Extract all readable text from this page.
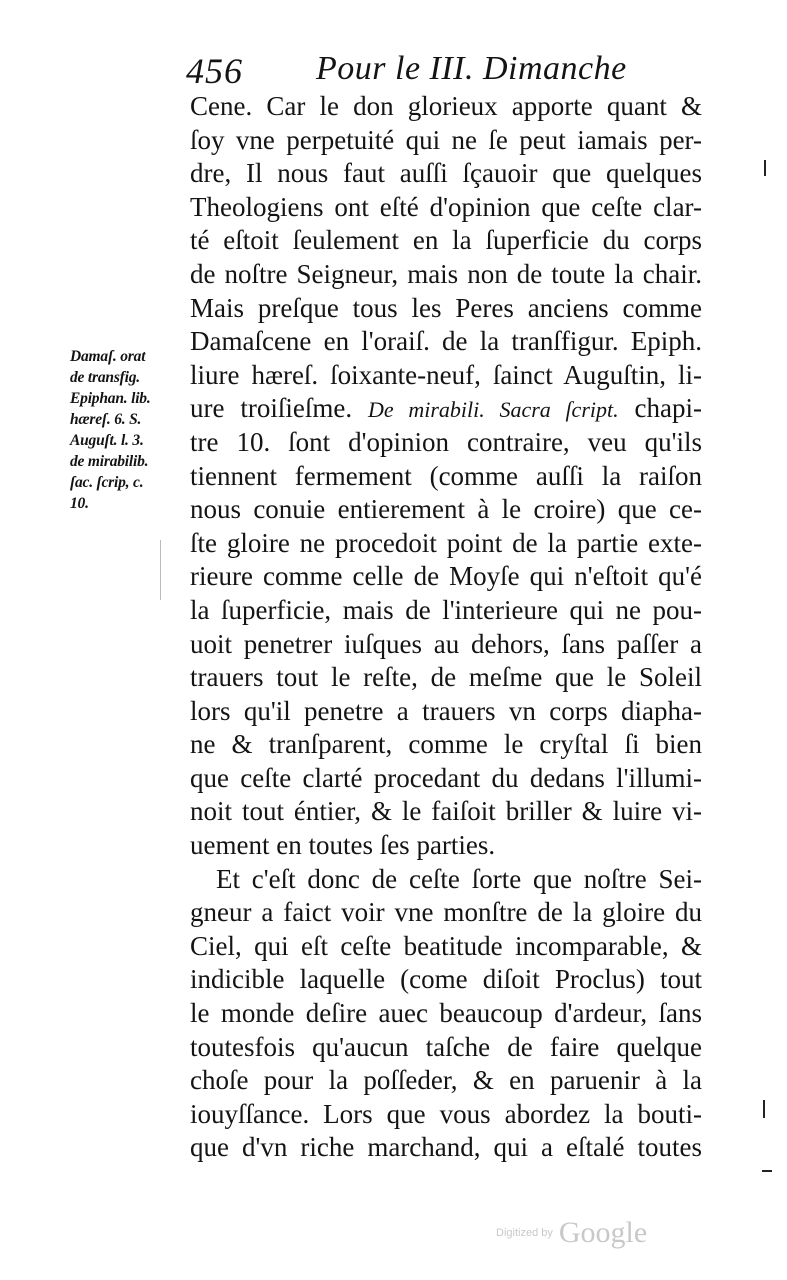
456 Pour le III. Dimanche
Damaſ. orat
de transfig.
Epiphan. lib.
hæreſ. 6. S.
Auguſt. l. 3.
de mirabilib.
ſac. ſcrip, c.
10.
Cene. Car le don glorieux apporte quant &
ſoy vne perpetuité qui ne ſe peut iamais per-
dre, Il nous faut auſſi ſçauoir que quelques
Theologiens ont eſté d'opinion que ceſte clar-
té eſtoit ſeulement en la ſuperficie du corps
de noſtre Seigneur, mais non de toute la chair.
Mais preſque tous les Peres anciens comme
Damaſcene en l'oraiſ. de la tranſfigur. Epiph.
liure hæreſ. ſoixante-neuf, ſainct Auguſtin, li-
ure troiſieſme. De mirabili. Sacra ſcript. chapi-
tre 10. ſont d'opinion contraire, veu qu'ils
tiennent fermement (comme auſſi la raiſon
nous conuie entierement à le croire) que ce-
ſte gloire ne procedoit point de la partie exte-
rieure comme celle de Moyſe qui n'eſtoit qu'é
la ſuperficie, mais de l'interieure qui ne pou-
uoit penetrer iuſques au dehors, ſans paſſer a
trauers tout le reſte, de meſme que le Soleil
lors qu'il penetre a trauers vn corps diapha-
ne & tranſparent, comme le cryſtal ſi bien
que ceſte clarté procedant du dedans l'illumi-
noit tout éntier, & le faiſoit briller & luire vi-
uement en toutes ſes parties.
Et c'eſt donc de ceſte ſorte que noſtre Sei-
gneur a faict voir vne monſtre de la gloire du
Ciel, qui eſt ceſte beatitude incomparable, &
indicible laquelle (come diſoit Proclus) tout
le monde deſire auec beaucoup d'ardeur, ſans
toutesfois qu'aucun taſche de faire quelque
choſe pour la poſſeder, & en paruenir à la
iouyſſance. Lors que vous abordez la bouti-
que d'vn riche marchand, qui a eſtalé toutes
Digitized by Google
